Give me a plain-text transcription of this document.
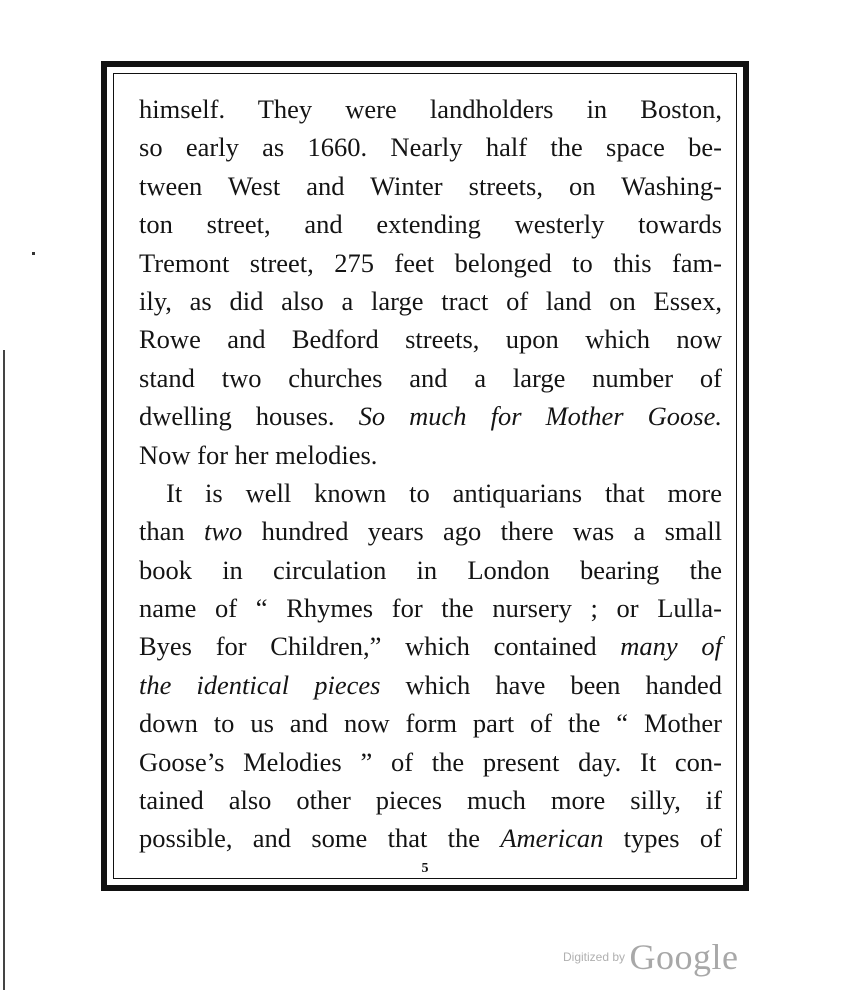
himself. They were landholders in Boston,
so early as 1660. Nearly half the space be-
tween West and Winter streets, on Washing-
ton street, and extending westerly towards
Tremont street, 275 feet belonged to this fam-
ily, as did also a large tract of land on Essex,
Rowe and Bedford streets, upon which now
stand two churches and a large number of
dwelling houses. So much for Mother Goose.
Now for her melodies.
It is well known to antiquarians that more
than two hundred years ago there was a small
book in circulation in London bearing the
name of “ Rhymes for the nursery ; or Lulla-
Byes for Children,” which contained many of
the identical pieces which have been handed
down to us and now form part of the “ Mother
Goose’s Melodies ” of the present day. It con-
tained also other pieces much more silly, if
possible, and some that the American types of
5
Digitized by Google
